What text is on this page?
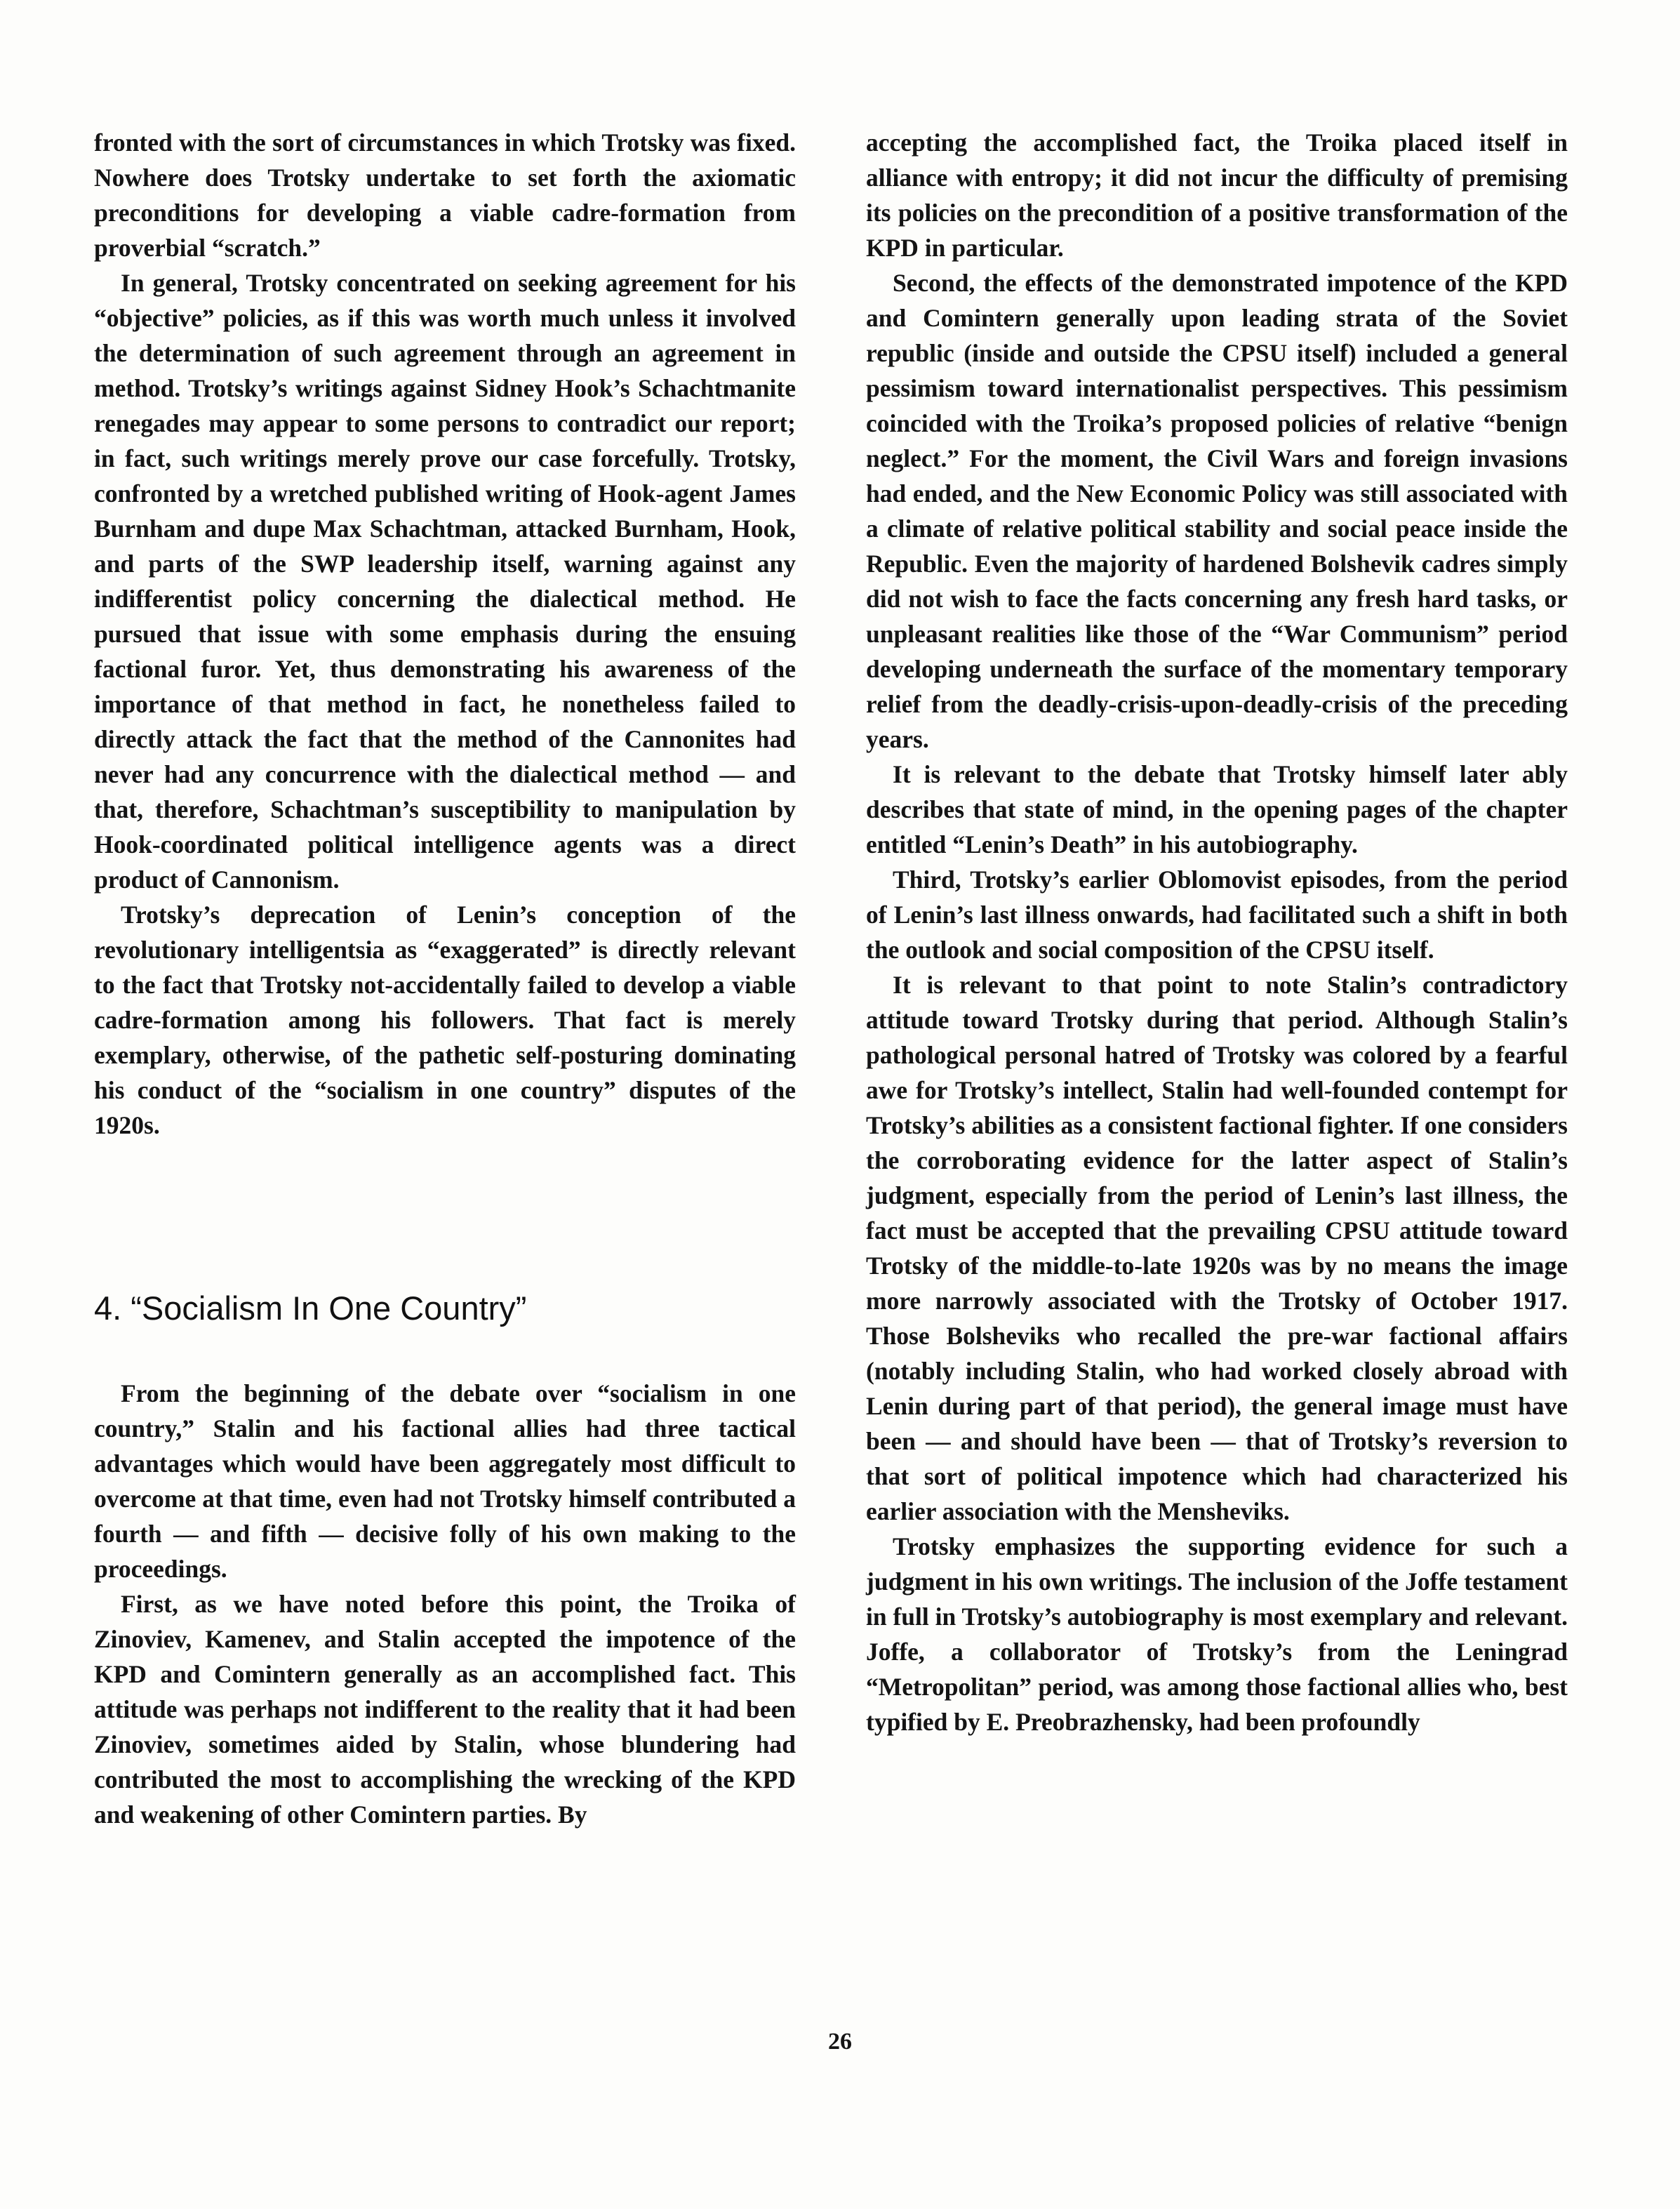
fronted with the sort of circumstances in which Trotsky was fixed. Nowhere does Trotsky undertake to set forth the axiomatic preconditions for developing a viable cadre-formation from proverbial “scratch.”

In general, Trotsky concentrated on seeking agreement for his “objective” policies, as if this was worth much unless it involved the determination of such agreement through an agreement in method. Trotsky’s writings against Sidney Hook’s Schachtmanite renegades may appear to some persons to contradict our report; in fact, such writings merely prove our case forcefully. Trotsky, confronted by a wretched published writing of Hook-agent James Burnham and dupe Max Schachtman, attacked Burnham, Hook, and parts of the SWP leadership itself, warning against any indifferentist policy concerning the dialectical method. He pursued that issue with some emphasis during the ensuing factional furor. Yet, thus demonstrating his awareness of the importance of that method in fact, he nonetheless failed to directly attack the fact that the method of the Cannonites had never had any concurrence with the dialectical method — and that, therefore, Schachtman’s susceptibility to manipulation by Hook-coordinated political intelligence agents was a direct product of Cannonism.

Trotsky’s deprecation of Lenin’s conception of the revolutionary intelligentsia as “exaggerated” is directly relevant to the fact that Trotsky not-accidentally failed to develop a viable cadre-formation among his followers. That fact is merely exemplary, otherwise, of the pathetic self-posturing dominating his conduct of the “socialism in one country” disputes of the 1920s.

4. “Socialism In One Country”

From the beginning of the debate over “socialism in one country,” Stalin and his factional allies had three tactical advantages which would have been aggregately most difficult to overcome at that time, even had not Trotsky himself contributed a fourth — and fifth — decisive folly of his own making to the proceedings.

First, as we have noted before this point, the Troika of Zinoviev, Kamenev, and Stalin accepted the impotence of the KPD and Comintern generally as an accomplished fact. This attitude was perhaps not indifferent to the reality that it had been Zinoviev, sometimes aided by Stalin, whose blundering had contributed the most to accomplishing the wrecking of the KPD and weakening of other Comintern parties. By

accepting the accomplished fact, the Troika placed itself in alliance with entropy; it did not incur the difficulty of premising its policies on the precondition of a positive transformation of the KPD in particular.

Second, the effects of the demonstrated impotence of the KPD and Comintern generally upon leading strata of the Soviet republic (inside and outside the CPSU itself) included a general pessimism toward internationalist perspectives. This pessimism coincided with the Troika’s proposed policies of relative “benign neglect.” For the moment, the Civil Wars and foreign invasions had ended, and the New Economic Policy was still associated with a climate of relative political stability and social peace inside the Republic. Even the majority of hardened Bolshevik cadres simply did not wish to face the facts concerning any fresh hard tasks, or unpleasant realities like those of the “War Communism” period developing underneath the surface of the momentary temporary relief from the deadly-crisis-upon-deadly-crisis of the preceding years.

It is relevant to the debate that Trotsky himself later ably describes that state of mind, in the opening pages of the chapter entitled “Lenin’s Death” in his autobiography.

Third, Trotsky’s earlier Oblomovist episodes, from the period of Lenin’s last illness onwards, had facilitated such a shift in both the outlook and social composition of the CPSU itself.

It is relevant to that point to note Stalin’s contradictory attitude toward Trotsky during that period. Although Stalin’s pathological personal hatred of Trotsky was colored by a fearful awe for Trotsky’s intellect, Stalin had well-founded contempt for Trotsky’s abilities as a consistent factional fighter. If one considers the corroborating evidence for the latter aspect of Stalin’s judgment, especially from the period of Lenin’s last illness, the fact must be accepted that the prevailing CPSU attitude toward Trotsky of the middle-to-late 1920s was by no means the image more narrowly associated with the Trotsky of October 1917. Those Bolsheviks who recalled the pre-war factional affairs (notably including Stalin, who had worked closely abroad with Lenin during part of that period), the general image must have been — and should have been — that of Trotsky’s reversion to that sort of political impotence which had characterized his earlier association with the Mensheviks.

Trotsky emphasizes the supporting evidence for such a judgment in his own writings. The inclusion of the Joffe testament in full in Trotsky’s autobiography is most exemplary and relevant. Joffe, a collaborator of Trotsky’s from the Leningrad “Metropolitan” period, was among those factional allies who, best typified by E. Preobrazhensky, had been profoundly

26
